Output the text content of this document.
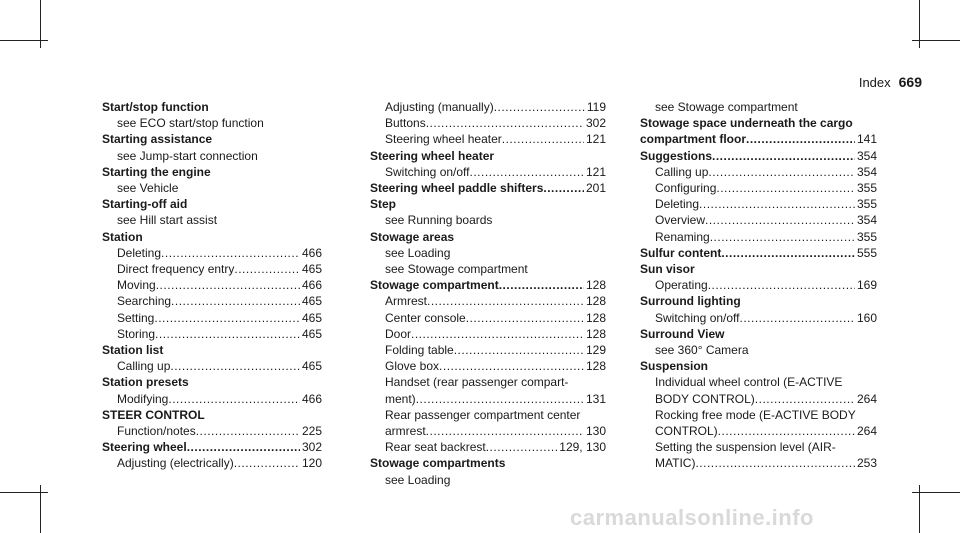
Index 669
Start/stop function
see ECO start/stop function
Starting assistance
see Jump-start connection
Starting the engine
see Vehicle
Starting-off aid
see Hill start assist
Station
Deleting .....	466
Direct frequency entry .....	465
Moving .....	466
Searching .....	465
Setting .....	465
Storing .....	465
Station list
Calling up .....	465
Station presets
Modifying .....	466
STEER CONTROL
Function/notes .....	225
Steering wheel .....	302
Adjusting (electrically) .....	120
Adjusting (manually) .....	119
Buttons .....	302
Steering wheel heater .....	121
Steering wheel heater
Switching on/off .....	121
Steering wheel paddle shifters .....	201
Step
see Running boards
Stowage areas
see Loading
see Stowage compartment
Stowage compartment .....	128
Armrest .....	128
Center console .....	128
Door .....	128
Folding table .....	129
Glove box .....	128
Handset (rear passenger compart-
ment) .....	131
Rear passenger compartment center
armrest .....	130
Rear seat backrest .....	129, 130
Stowage compartments
see Loading
see Stowage compartment
Stowage space underneath the cargo
compartment floor .....	141
Suggestions .....	354
Calling up .....	354
Configuring .....	355
Deleting .....	355
Overview .....	354
Renaming .....	355
Sulfur content .....	555
Sun visor
Operating .....	169
Surround lighting
Switching on/off .....	160
Surround View
see 360° Camera
Suspension
Individual wheel control (E-ACTIVE
BODY CONTROL) .....	264
Rocking free mode (E-ACTIVE BODY
CONTROL) .....	264
Setting the suspension level (AIR-
MATIC) .....	253
carmanualsonline.info
